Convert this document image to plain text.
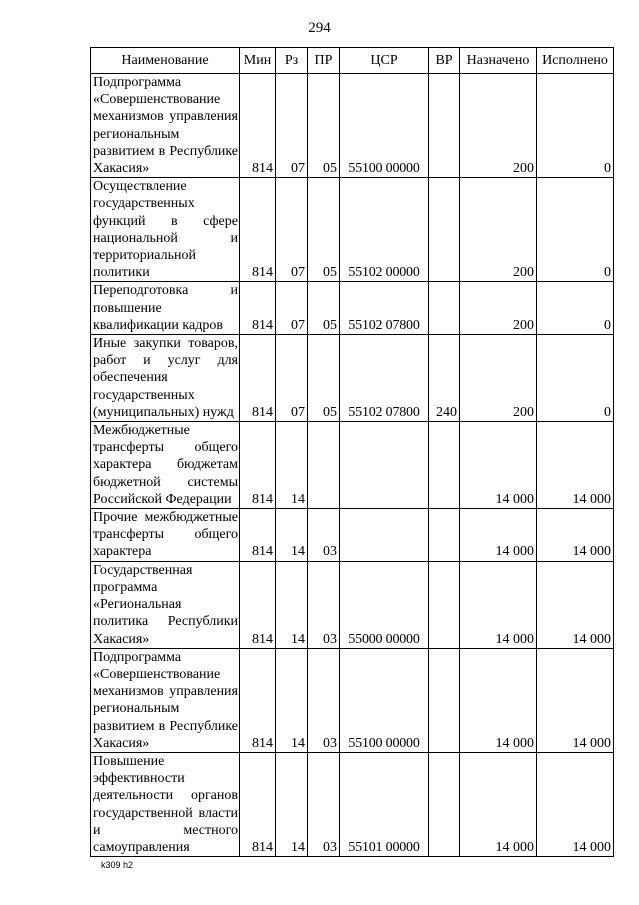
294
Наименование	Мин	Рз	ПР	ЦСР	ВР	Назначено	Исполнено
Подпрограмма «Совершенствование механизмов управления региональным развитием в Республике Хакасия»	814	07	05	55100 00000		200	0
Осуществление государственных функций в сфере национальной и территориальной политики	814	07	05	55102 00000		200	0
Переподготовка и повышение квалификации кадров	814	07	05	55102 07800		200	0
Иные закупки товаров, работ и услуг для обеспечения государственных (муниципальных) нужд	814	07	05	55102 07800	240	200	0
Межбюджетные трансферты общего характера бюджетам бюджетной системы Российской Федерации	814	14				14 000	14 000
Прочие межбюджетные трансферты общего характера	814	14	03			14 000	14 000
Государственная программа «Региональная политика Республики Хакасия»	814	14	03	55000 00000		14 000	14 000
Подпрограмма «Совершенствование механизмов управления региональным развитием в Республике Хакасия»	814	14	03	55100 00000		14 000	14 000
Повышение эффективности деятельности органов государственной власти и местного самоуправления	814	14	03	55101 00000		14 000	14 000
k309 h2
